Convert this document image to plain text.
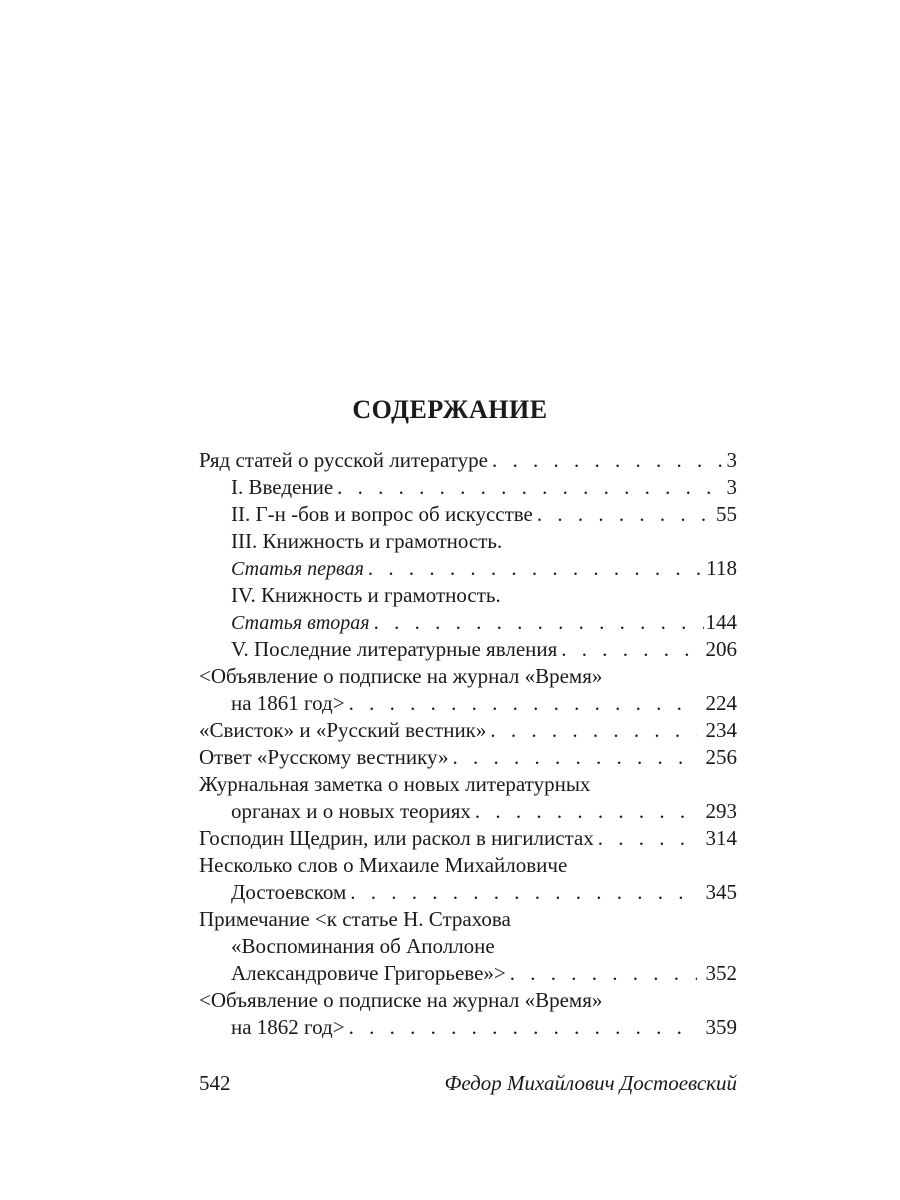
СОДЕРЖАНИЕ
Ряд статей о русской литературе . . .	3
I. Введение . . .	3
II. Г-н -бов и вопрос об искусстве . . .	55
III. Книжность и грамотность.
Статья первая . . .	118
IV. Книжность и грамотность.
Статья вторая . . .	144
V. Последние литературные явления . . .	206
<Объявление о подписке на журнал «Время»
на 1861 год> . . .	224
«Свисток» и «Русский вестник» . . .	234
Ответ «Русскому вестнику» . . .	256
Журнальная заметка о новых литературных
органах и о новых теориях . . .	293
Господин Щедрин, или раскол в нигилистах . . .	314
Несколько слов о Михаиле Михайловиче
Достоевском . . .	345
Примечание <к статье Н. Страхова
«Воспоминания об Аполлоне
Александровиче Григорьеве»> . . .	352
<Объявление о подписке на журнал «Время»
на 1862 год> . . .	359
542	Федор Михайлович Достоевский
